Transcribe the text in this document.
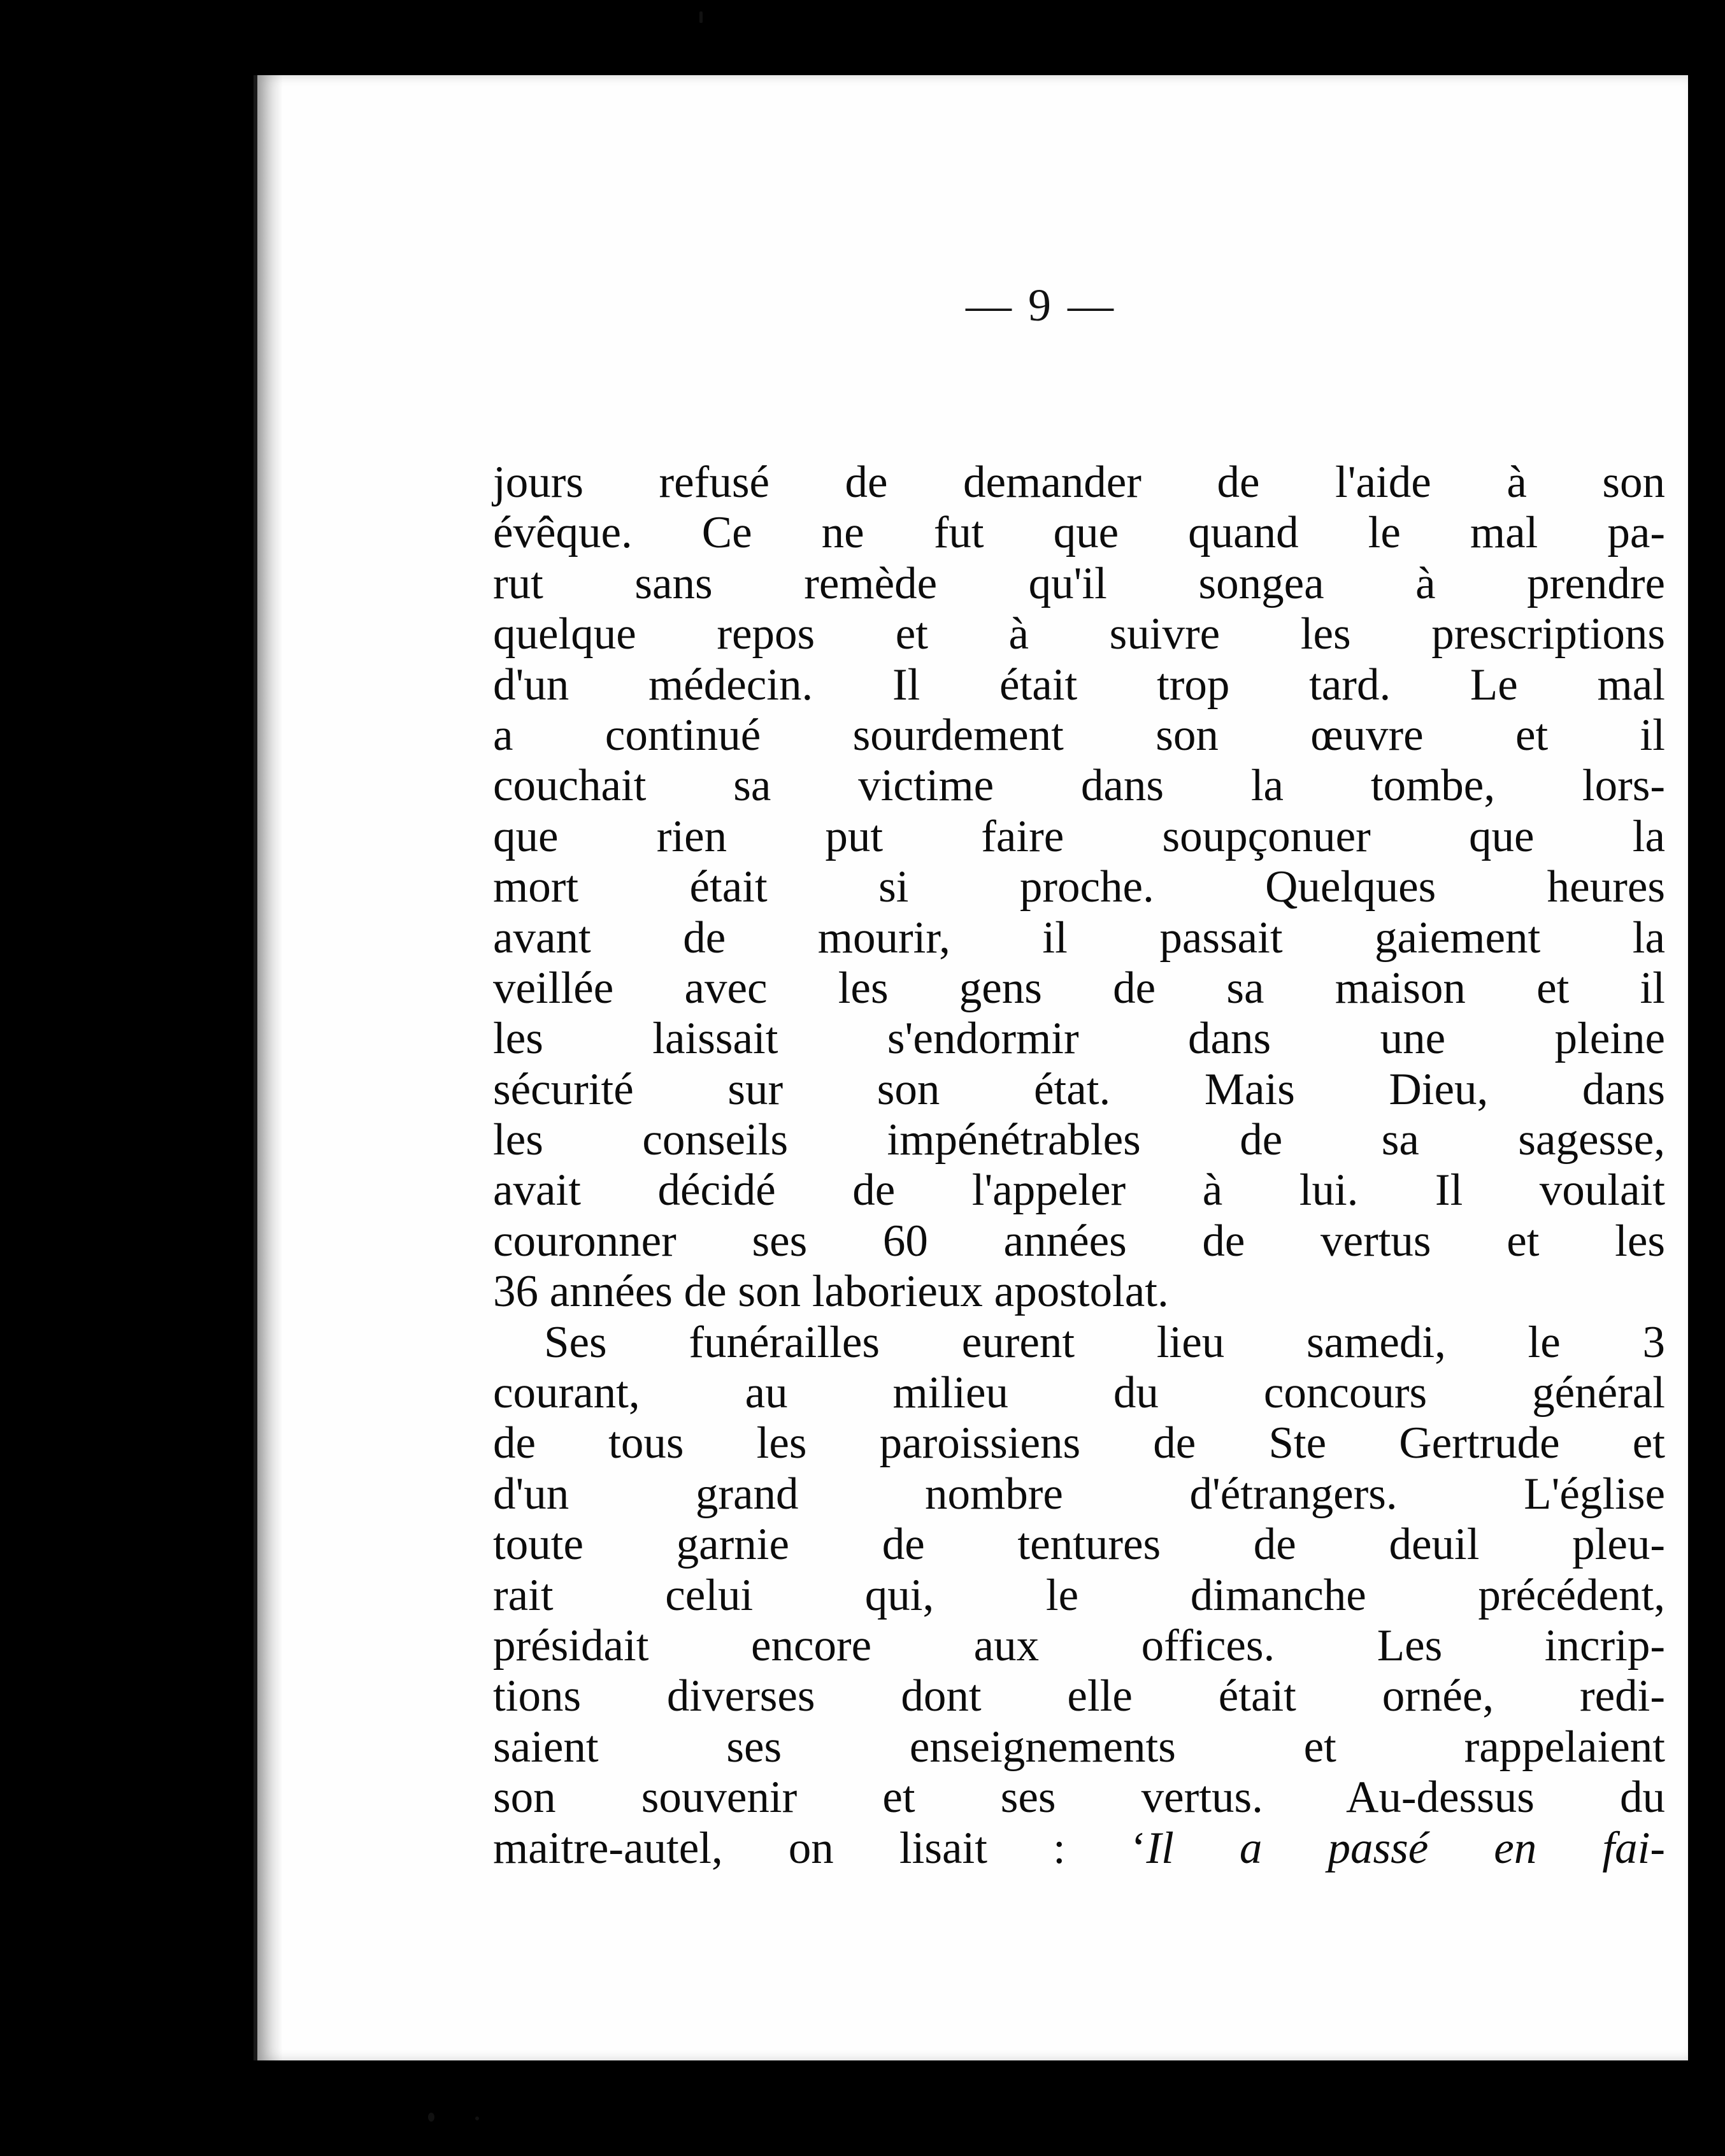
— 9 —
jours refusé de demander de l'aide à son
évêque. Ce ne fut que quand le mal pa-
rut sans remède qu'il songea à prendre
quelque repos et à suivre les prescriptions
d'un médecin. Il était trop tard. Le mal
a continué sourdement son œuvre et il
couchait sa victime dans la tombe, lors-
que rien put faire soupçonuer que la
mort était si proche. Quelques heures
avant de mourir, il passait gaiement la
veillée avec les gens de sa maison et il
les laissait s'endormir dans une pleine
sécurité sur son état. Mais Dieu, dans
les conseils impénétrables de sa sagesse,
avait décidé de l'appeler à lui. Il voulait
couronner ses 60 années de vertus et les
36 années de son laborieux apostolat.
Ses funérailles eurent lieu samedi, le 3
courant, au milieu du concours général
de tous les paroissiens de Ste Gertrude et
d'un grand nombre d'étrangers. L'église
toute garnie de tentures de deuil pleu-
rait celui qui, le dimanche précédent,
présidait encore aux offices. Les incrip-
tions diverses dont elle était ornée, redi-
saient ses enseignements et rappelaient
son souvenir et ses vertus. Au-dessus du
maitre-autel, on lisait : ‘Il a passé en fai-
